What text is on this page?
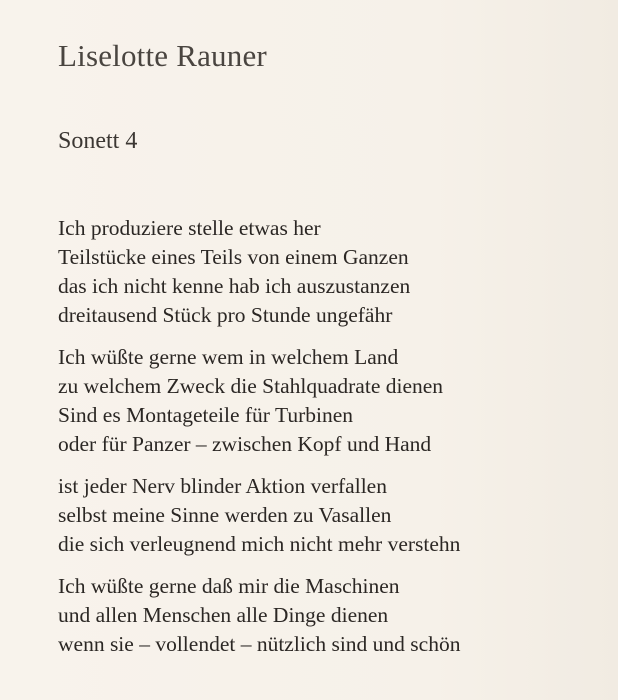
Liselotte Rauner
Sonett 4
Ich produziere stelle etwas her
Teilstücke eines Teils von einem Ganzen
das ich nicht kenne hab ich auszustanzen
dreitausend Stück pro Stunde ungefähr
Ich wüßte gerne wem in welchem Land
zu welchem Zweck die Stahlquadrate dienen
Sind es Montageteile für Turbinen
oder für Panzer – zwischen Kopf und Hand
ist jeder Nerv blinder Aktion verfallen
selbst meine Sinne werden zu Vasallen
die sich verleugnend mich nicht mehr verstehn
Ich wüßte gerne daß mir die Maschinen
und allen Menschen alle Dinge dienen
wenn sie – vollendet – nützlich sind und schön
